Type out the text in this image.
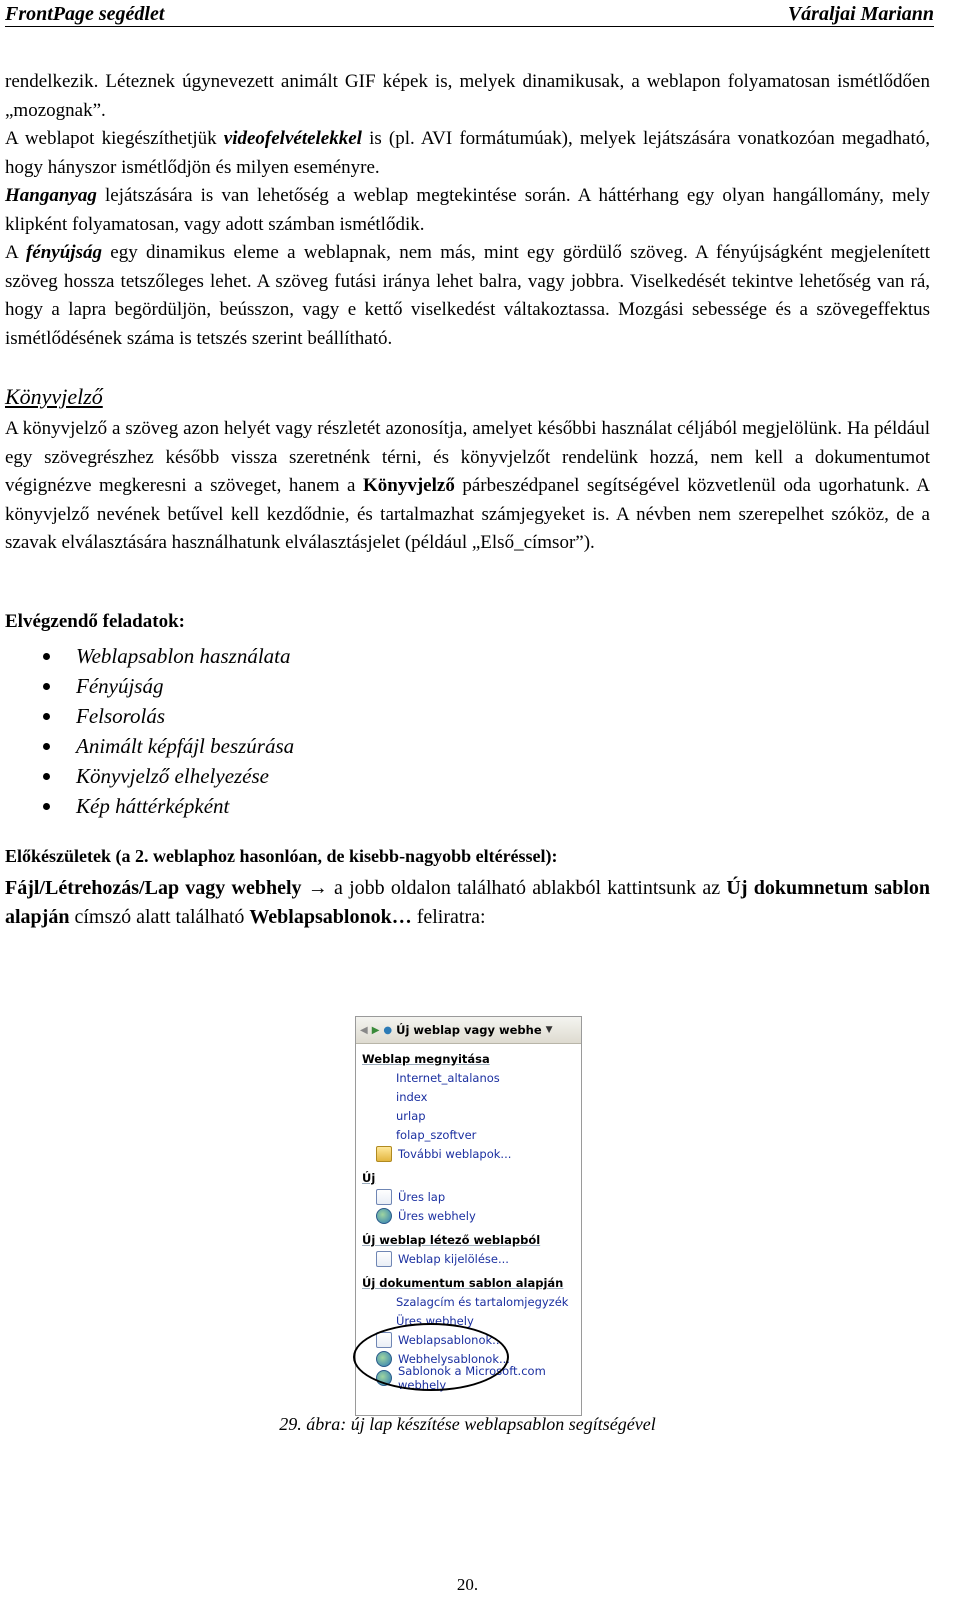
FrontPage segédlet	Váraljai Mariann

rendelkezik. Léteznek úgynevezett animált GIF képek is, melyek dinamikusak, a weblapon folyamatosan ismétlődően „mozognak”.

A weblapot kiegészíthetjük videofelvételekkel is (pl. AVI formátumúak), melyek lejátszására vonatkozóan megadható, hogy hányszor ismétlődjön és milyen eseményre.

Hanganyag lejátszására is van lehetőség a weblap megtekintése során. A háttérhang egy olyan hangállomány, mely klipként folyamatosan, vagy adott számban ismétlődik.

A fényújság egy dinamikus eleme a weblapnak, nem más, mint egy gördülő szöveg. A fényújságként megjelenített szöveg hossza tetszőleges lehet. A szöveg futási iránya lehet balra, vagy jobbra. Viselkedését tekintve lehetőség van rá, hogy a lapra begördüljön, beússzon, vagy e kettő viselkedést váltakoztassa. Mozgási sebessége és a szövegeffektus ismétlődésének száma is tetszés szerint beállítható.

Könyvjelző

A könyvjelző a szöveg azon helyét vagy részletét azonosítja, amelyet későbbi használat céljából megjelölünk. Ha például egy szövegrészhez később vissza szeretnénk térni, és könyvjelzőt rendelünk hozzá, nem kell a dokumentumot végignézve megkeresni a szöveget, hanem a Könyvjelző párbeszédpanel segítségével közvetlenül oda ugorhatunk. A könyvjelző nevének betűvel kell kezdődnie, és tartalmazhat számjegyeket is. A névben nem szerepelhet szóköz, de a szavak elválasztására használhatunk elválasztásjelet (például „Első_címsor”).

Elvégzendő feladatok:
Weblapsablon használata
Fényújság
Felsorolás
Animált képfájl beszúrása
Könyvjelző elhelyezése
Kép háttérképként
Előkészületek (a 2. weblaphoz hasonlóan, de kisebb-nagyobb eltéréssel):

Fájl/Létrehozás/Lap vagy webhely → a jobb oldalon található ablakból kattintsunk az Új dokumnetum sablon alapján címszó alatt található Weblapsablonok… feliratra:

◀ ▶ ● Új weblap vagy webhe ▼
Weblap megnyitása
Internet_altalanos
index
urlap
folap_szoftver
További weblapok...
Új
Üres lap
Üres webhely
Új weblap létező weblapból
Weblap kijelölése...
Új dokumentum sablon alapján
Szalagcím és tartalomjegyzék
Üres webhely
Weblapsablonok...
Webhelysablonok...
Sablonok a Microsoft.com webhely
29. ábra: új lap készítése weblapsablon segítségével
20.
